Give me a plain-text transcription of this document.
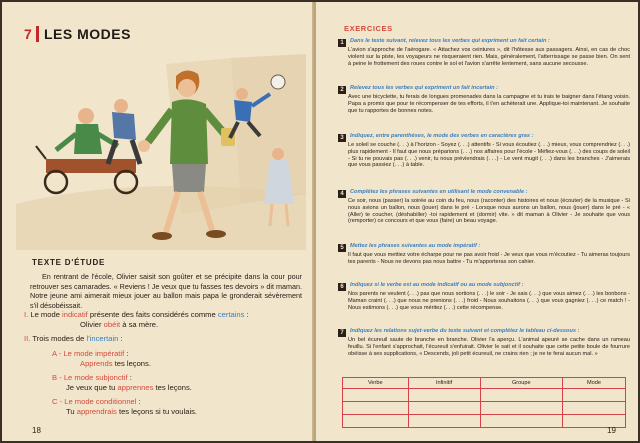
7 LES MODES
TEXTE D'ÉTUDE
En rentrant de l'école, Olivier saisit son goûter et se précipite dans la cour pour retrouver ses camarades. « Reviens ! Je veux que tu fasses tes devoirs » dit maman. Notre jeune ami aimerait mieux jouer au ballon mais papa le gronderait sévèrement s'il désobéissait.
I. Le mode indicatif présente des faits considérés comme certains :
Olivier obéit à sa mère.
II. Trois modes de l'incertain :
A - Le mode impératif :
Apprends tes leçons.
B - Le mode subjonctif :
Je veux que tu apprennes tes leçons.
C - Le mode conditionnel :
Tu apprendrais tes leçons si tu voulais.
18
EXERCICES
1	Dans le texte suivant, relevez tous les verbes qui expriment un fait certain :
L'avion s'approche de l'aérogare. « Attachez vos ceintures », dit l'hôtesse aux passagers. Ainsi, en cas de choc violent sur la piste, les voyageurs ne risqueraient rien. Mais, généralement, l'atterrissage se passe bien. On sent à peine le frottement des roues contre le sol et l'avion s'arrête lentement, sans aucune secousse.
2	Relevez tous les verbes qui expriment un fait incertain :
Avec une bicyclette, tu ferais de longues promenades dans la campagne et tu irais te baigner dans l'étang voisin. Papa a promis que pour te récompenser de tes efforts, il t'en achèterait une. Applique-toi maintenant. Je souhaite que tu rapportes de bonnes notes.
3	Indiquez, entre parenthèses, le mode des verbes en caractères gras :
Le soleil se couche (. . .) à l'horizon - Soyez (. . .) attentifs - Si vous écoutiez (. . .) mieux, vous comprendriez (. . .) plus rapidement - Il faut que nous préparions (. . .) nos affaires pour l'école - Méfiez-vous (. . .) des coups de soleil - Si tu ne pouvais pas (. . .) venir, tu nous préviendrais (. . .) - Le vent mugit (. . .) dans les branches - J'aimerais que vous passiez (. . .) à table.
4	Complétez les phrases suivantes en utilisant le mode convenable :
Ce soir, nous (passer) la soirée au coin du feu, nous (raconter) des histoires et nous (écouter) de la musique - Si nous avions un ballon, nous (jouer) dans le pré - Lorsque nous aurons un ballon, nous (jouer) dans le pré - « (Aller) te coucher, (déshabiller) -toi rapidement et (dormir) vite. » dit maman à Olivier - Je souhaite que vous (remporter) ce concours et que vous (faire) un beau voyage.
5	Mettez les phrases suivantes au mode impératif :
Il faut que vous mettiez votre écharpe pour ne pas avoir froid - Je veux que vous m'écoutiez - Tu aimeras toujours tes parents - Nous ne devons pas nous battre - Tu m'apporteras son cahier.
6	Indiquez si le verbe est au mode indicatif ou au mode subjonctif :
Nos parents ne veulent (. . .) pas que nous sortions (. . .) le soir - Je sais (. . .) que vous aimez (. . .) les bonbons - Maman craint (. . .) que nous ne prenions (. . .) froid - Nous souhaitons (. . .) que vous gagniez (. . .) ce match ! - Nous estimons (. . .) que vous méritez (. . .) cette récompense.
7	Indiquez les relations sujet-verbe du texte suivant et complétez le tableau ci-dessous :
Un bel écureuil saute de branche en branche. Olivier l'a aperçu. L'animal apeuré se cache dans un rameau feuillu. Si l'enfant s'approchait, l'écureuil s'enfuirait. Olivier le sait et il souhaite que cette petite boule de fourrure obéisse à ses supplications, « Descends, joli petit écureuil, ne crains rien ; je ne te ferai aucun mal. »
Verbe	Infinitif	Groupe	Mode

19
